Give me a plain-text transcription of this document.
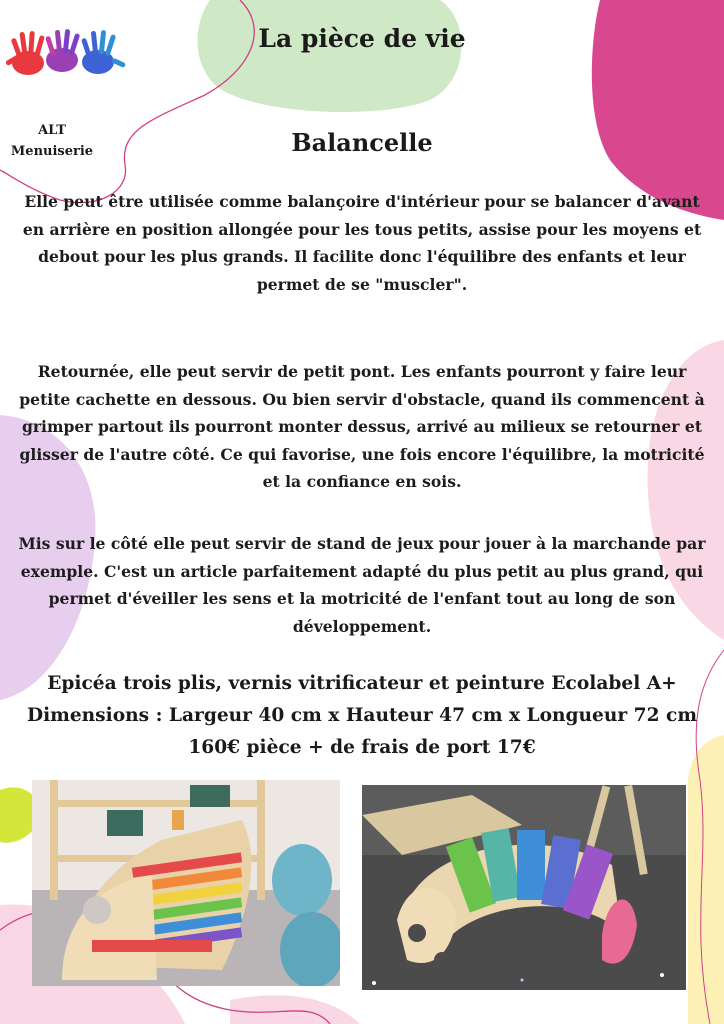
ALT
Menuiserie
La pièce de vie
Balancelle
Elle peut être utilisée comme balançoire d'intérieur pour se balancer d'avant en arrière en position allongée pour les tous petits, assise pour les moyens et debout pour les plus grands. Il facilite donc l'équilibre des enfants et leur permet de se "muscler".
Retournée, elle peut servir de petit pont. Les enfants pourront y faire leur petite cachette en dessous. Ou bien servir d'obstacle, quand ils commencent à grimper partout ils pourront monter dessus, arrivé au milieux se retourner et glisser de l'autre côté. Ce qui favorise, une fois encore l'équilibre, la motricité et la confiance en sois.
Mis sur le côté elle peut servir de stand de jeux pour jouer à la marchande par exemple. C'est un article parfaitement adapté du plus petit au plus grand, qui permet d'éveiller les sens et la motricité de l'enfant tout au long de son développement.
Epicéa trois plis, vernis vitrificateur et peinture Ecolabel A+
Dimensions : Largeur 40 cm x Hauteur 47 cm x Longueur 72 cm
160€ pièce + de frais de port 17€
